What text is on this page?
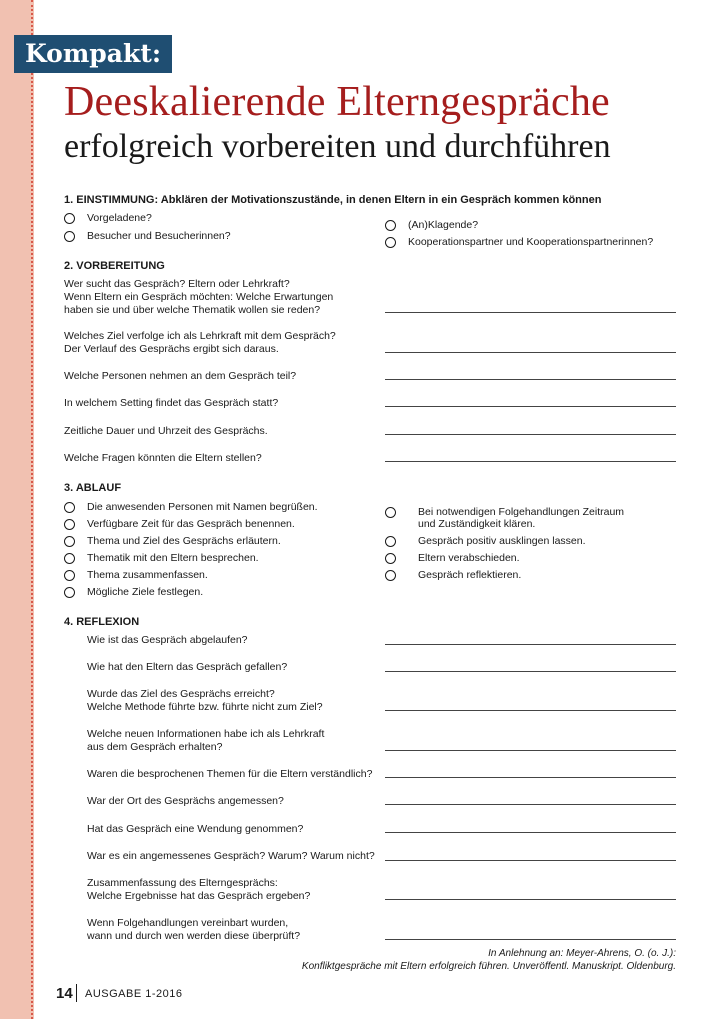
Kompakt:
Deeskalierende Elterngespräche
erfolgreich vorbereiten und durchführen
1. EINSTIMMUNG: Abklären der Motivationszustände, in denen Eltern in ein Gespräch kommen können
Vorgeladene?
Besucher und Besucherinnen?
(An)Klagende?
Kooperationspartner und Kooperationspartnerinnen?
2. VORBEREITUNG
Wer sucht das Gespräch? Eltern oder Lehrkraft?
Wenn Eltern ein Gespräch möchten: Welche Erwartungen
haben sie und über welche Thematik wollen sie reden?
Welches Ziel verfolge ich als Lehrkraft mit dem Gespräch?
Der Verlauf des Gesprächs ergibt sich daraus.
Welche Personen nehmen an dem Gespräch teil?
In welchem Setting findet das Gespräch statt?
Zeitliche Dauer und Uhrzeit des Gesprächs.
Welche Fragen könnten die Eltern stellen?
3. ABLAUF
Die anwesenden Personen mit Namen begrüßen.
Verfügbare Zeit für das Gespräch benennen.
Thema und Ziel des Gesprächs erläutern.
Thematik mit den Eltern besprechen.
Thema zusammenfassen.
Mögliche Ziele festlegen.
Bei notwendigen Folgehandlungen Zeitraum
und Zuständigkeit klären.
Gespräch positiv ausklingen lassen.
Eltern verabschieden.
Gespräch reflektieren.
4. REFLEXION
Wie ist das Gespräch abgelaufen?
Wie hat den Eltern das Gespräch gefallen?
Wurde das Ziel des Gesprächs erreicht?
Welche Methode führte bzw. führte nicht zum Ziel?
Welche neuen Informationen habe ich als Lehrkraft
aus dem Gespräch erhalten?
Waren die besprochenen Themen für die Eltern verständlich?
War der Ort des Gesprächs angemessen?
Hat das Gespräch eine Wendung genommen?
War es ein angemessenes Gespräch? Warum? Warum nicht?
Zusammenfassung des Elterngesprächs:
Welche Ergebnisse hat das Gespräch ergeben?
Wenn Folgehandlungen vereinbart wurden,
wann und durch wen werden diese überprüft?
In Anlehnung an: Meyer-Ahrens, O. (o. J.):
Konfliktgespräche mit Eltern erfolgreich führen. Unveröffentl. Manuskript. Oldenburg.
14 AUSGABE 1-2016
